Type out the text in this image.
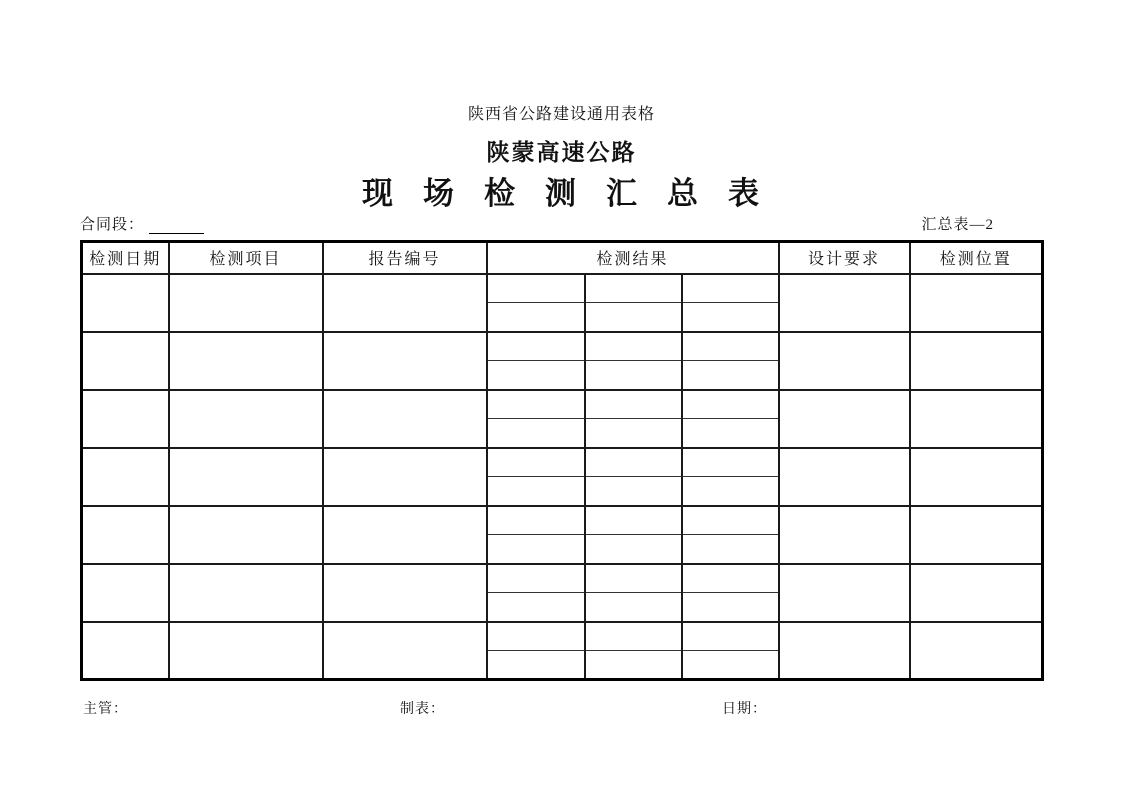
陕西省公路建设通用表格
陕蒙高速公路
现场检测汇总表
合同段：	汇总表—2
检测日期	检测项目	报告编号	检测结果			设计要求	检测位置

主管：	制表：	日期：
